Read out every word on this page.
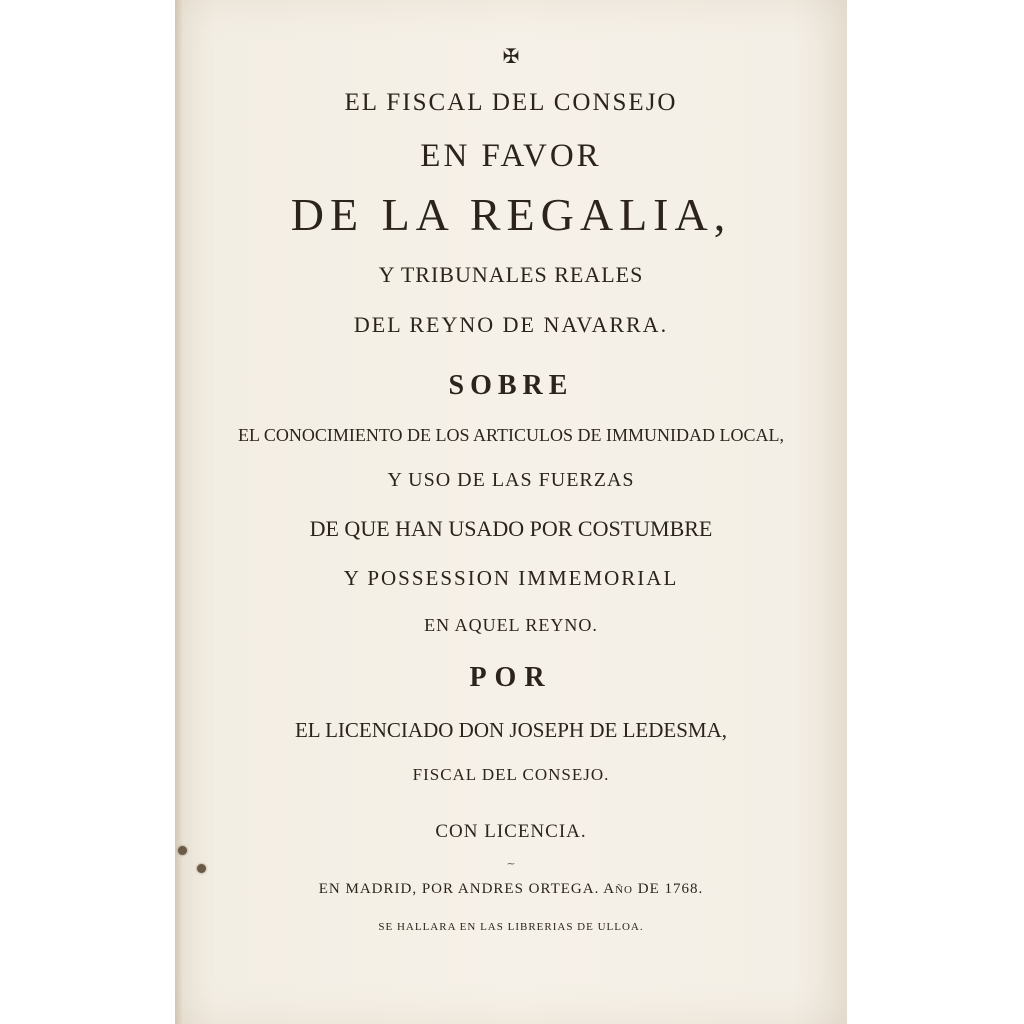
✠
EL FISCAL DEL CONSEJO
EN FAVOR
DE LA REGALIA,
Y TRIBUNALES REALES
DEL REYNO DE NAVARRA.
SOBRE
EL CONOCIMIENTO DE LOS ARTICULOS DE IMMUNIDAD LOCAL,
Y USO DE LAS FUERZAS
DE QUE HAN USADO POR COSTUMBRE
Y POSSESSION IMMEMORIAL
EN AQUEL REYNO.
POR
EL LICENCIADO DON JOSEPH DE LEDESMA,
FISCAL DEL CONSEJO.
CON LICENCIA.
~
EN MADRID, POR ANDRES ORTEGA. Año DE 1768.
SE HALLARA EN LAS LIBRERIAS DE ULLOA.
